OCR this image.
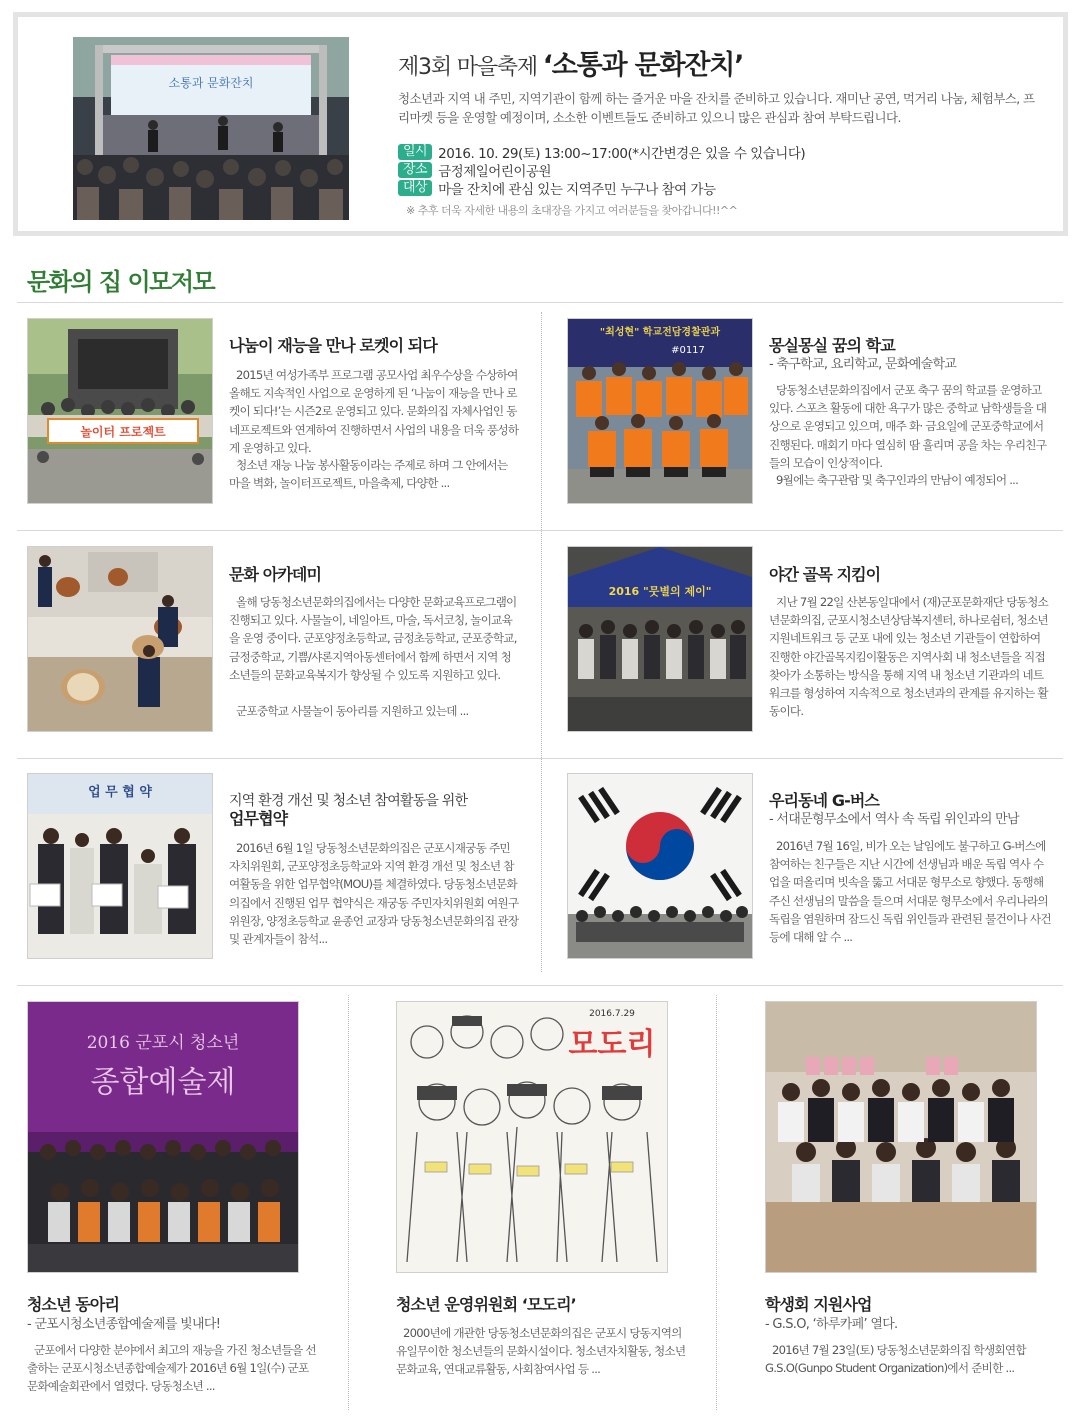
소통과 문화잔치
제3회 마을축제 ‘소통과 문화잔치’
청소년과 지역 내 주민, 지역기관이 함께 하는 즐거운 마을 잔치를 준비하고 있습니다. 재미난 공연, 먹거리 나눔, 체험부스, 프리마켓 등을 운영할 예정이며, 소소한 이벤트들도 준비하고 있으니 많은 관심과 참여 부탁드립니다.
일시 2016. 10. 29(토) 13:00~17:00(*시간변경은 있을 수 있습니다)
장소 금정제일어린이공원
대상 마을 잔치에 관심 있는 지역주민 누구나 참여 가능
※ 추후 더욱 자세한 내용의 초대장을 가지고 여러분들을 찾아갑니다!!^^
문화의 집 이모저모
놀이터 프로젝트
나눔이 재능을 만나 로켓이 되다
2015년 여성가족부 프로그램 공모사업 최우수상을 수상하여 올해도 지속적인 사업으로 운영하게 된 ‘나눔이 재능을 만나 로켓이 되다!’는 시즌2로 운영되고 있다. 문화의집 자체사업인 동네프로젝트와 연계하여 진행하면서 사업의 내용을 더욱 풍성하게 운영하고 있다.
청소년 재능 나눔 봉사활동이라는 주제로 하며 그 안에서는 마을 벽화, 놀이터프로젝트, 마을축제, 다양한 ...
"최성현" 학교전담경찰관과
#0117	몽실몽실 꿈의 학교
- 축구학교, 요리학교, 문화예술학교
당동청소년문화의집에서 군포 축구 꿈의 학교를 운영하고 있다. 스포츠 활동에 대한 욕구가 많은 중학교 남학생들을 대상으로 운영되고 있으며, 매주 화· 금요일에 군포중학교에서 진행된다. 매회기 마다 열심히 땀 흘리며 공을 차는 우리친구들의 모습이 인상적이다.
9월에는 축구관람 및 축구인과의 만남이 예정되어 ...
문화 아카데미
올해 당동청소년문화의집에서는 다양한 문화교육프로그램이 진행되고 있다. 사물놀이, 네일아트, 마술, 독서코칭, 놀이교육을 운영 중이다. 군포양정초등학교, 금정초등학교, 군포중학교, 금정중학교, 기쁨/샤론지역아동센터에서 함께 하면서 지역 청소년들의 문화교육복지가 향상될 수 있도록 지원하고 있다.
군포중학교 사물놀이 동아리를 지원하고 있는데 ...
2016 "뭇별의 제이"
야간 골목 지킴이
지난 7월 22일 산본동일대에서 (재)군포문화재단 당동청소년문화의집, 군포시청소년상담복지센터, 하나로쉼터, 청소년지원네트워크 등 군포 내에 있는 청소년 기관들이 연합하여 진행한 야간골목지킴이활동은 지역사회 내 청소년들을 직접 찾아가 소통하는 방식을 통해 지역 내 청소년 기관과의 네트워크를 형성하여 지속적으로 청소년과의 관계를 유지하는 활동이다.
업 무 협 약
지역 환경 개선 및 청소년 참여활동을 위한
업무협약
2016년 6월 1일 당동청소년문화의집은 군포시재궁동 주민자치위원회, 군포양정초등학교와 지역 환경 개선 및 청소년 참여활동을 위한 업무협약(MOU)를 체결하였다. 당동청소년문화의집에서 진행된 업무 협약식은 재궁동 주민자치위원회 여원구위원장, 양정초등학교 윤종언 교장과 당동청소년문화의집 관장 및 관계자들이 참석...
우리동네 G-버스
- 서대문형무소에서 역사 속 독립 위인과의 만남
2016년 7월 16일, 비가 오는 날임에도 불구하고 G-버스에 참여하는 친구들은 지난 시간에 선생님과 배운 독립 역사 수업을 떠올리며 빗속을 뚫고 서대문 형무소로 향했다. 동행해주신 선생님의 말씀을 들으며 서대문 형무소에서 우리나라의 독립을 염원하며 잠드신 독립 위인들과 관련된 물건이나 사건 등에 대해 알 수 ...
2016 군포시 청소년
종합예술제
청소년 동아리
- 군포시청소년종합예술제를 빛내다!
군포에서 다양한 분야에서 최고의 재능을 가진 청소년들을 선출하는 군포시청소년종합예술제가 2016년 6월 1일(수) 군포문화예술회관에서 열렸다. 당동청소년 ...
2016.7.29
모도리
청소년 운영위원회 ‘모도리’
2000년에 개관한 당동청소년문화의집은 군포시 당동지역의 유일무이한 청소년들의 문화시설이다. 청소년자치활동, 청소년문화교육, 연대교류활동, 사회참여사업 등 ...
학생회 지원사업
- G.S.O, ‘하루카페’ 열다.
2016년 7월 23일(토) 당동청소년문화의집 학생회연합 G.S.O(Gunpo Student Organization)에서 준비한 ...
